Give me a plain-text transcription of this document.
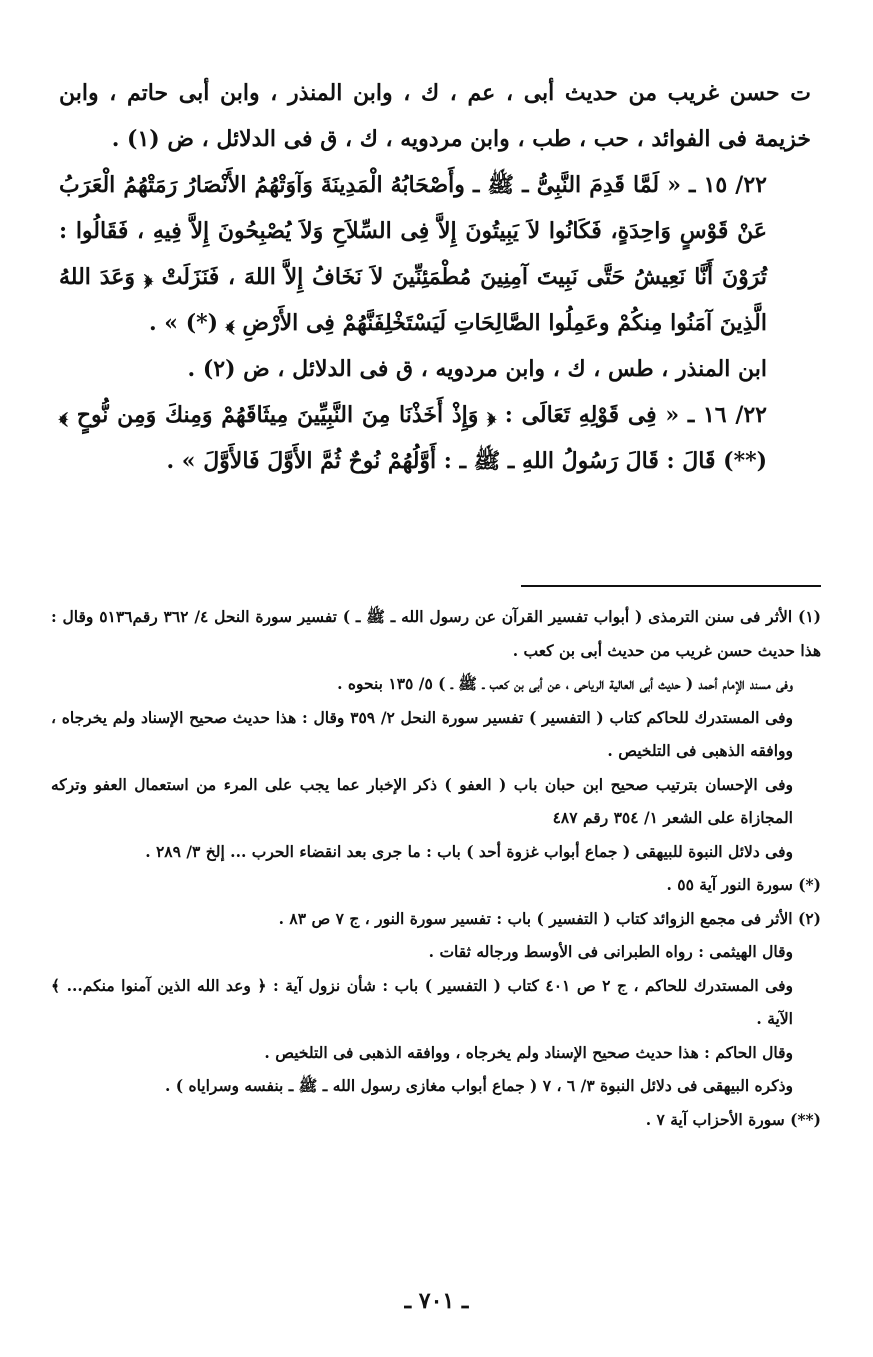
ت حسن غريب من حديث أبى ، عم ، ك ، وابن المنذر ، وابن أبى حاتم ، وابن خزيمة فى الفوائد ، حب ، طب ، وابن مردويه ، ك ، ق فى الدلائل ، ض (١) .

٢٢/ ١٥ ـ « لَمَّا قَدِمَ النَّبِىُّ ـ ﷺ ـ وأَصْحَابُهُ الْمَدِينَةَ وَآوَتْهُمُ الأَنْصَارُ رَمَتْهُمُ الْعَرَبُ عَنْ قَوْسٍ وَاحِدَةٍ، فَكَانُوا لاَ يَبِيتُونَ إِلاَّ فِى السِّلاَحِ وَلاَ يُصْبِحُونَ إِلاَّ فِيهِ ، فَقَالُوا : تُرَوْنَ أَنَّا نَعِيشُ حَتَّى نَبِيتَ آمِنِينَ مُطْمَئِنِّينَ لاَ نَخَافُ إِلاَّ اللهَ ، فَنَزَلَتْ ﴿ وَعَدَ اللهُ الَّذِينَ آمَنُوا مِنكُمْ وعَمِلُوا الصَّالِحَاتِ لَيَسْتَخْلِفَنَّهُمْ فِى الأَرْضِ ﴾ (*) » .

ابن المنذر ، طس ، ك ، وابن مردويه ، ق فى الدلائل ، ض (٢) .

٢٢/ ١٦ ـ « فِى قَوْلِهِ تَعَالَى : ﴿ وَإِذْ أَخَذْنَا مِنَ النَّبِيِّينَ مِيثَاقَهُمْ وَمِنكَ وَمِن نُّوحٍ ﴾ (**) قَالَ : قَالَ رَسُولُ اللهِ ـ ﷺ ـ : أَوَّلُهُمْ نُوحٌ ثُمَّ الأَوَّلَ فَالأَوَّلَ » .

(١) الأثر فى سنن الترمذى ( أبواب تفسير القرآن عن رسول الله ـ ﷺ ـ ) تفسير سورة النحل ٤/ ٣٦٢ رقم٥١٣٦ وقال : هذا حديث حسن غريب من حديث أبى بن كعب .

وفى مسند الإمام أحمد ( حديث أبى العالية الرياحى ، عن أبى بن كعب ـ ﷺ ـ ) ٥/ ١٣٥ بنحوه .

وفى المستدرك للحاكم كتاب ( التفسير ) تفسير سورة النحل ٢/ ٣٥٩ وقال : هذا حديث صحيح الإسناد ولم يخرجاه ، ووافقه الذهبى فى التلخيص .

وفى الإحسان بترتيب صحيح ابن حبان باب ( العفو ) ذكر الإخبار عما يجب على المرء من استعمال العفو وتركه المجازاة على الشعر ١/ ٣٥٤ رقم ٤٨٧

وفى دلائل النبوة للبيهقى ( جماع أبواب غزوة أحد ) باب : ما جرى بعد انقضاء الحرب ... إلخ ٣/ ٢٨٩ .

(*) سورة النور آية ٥٥ .

(٢) الأثر فى مجمع الزوائد كتاب ( التفسير ) باب : تفسير سورة النور ، ج ٧ ص ٨٣ .

وقال الهيثمى : رواه الطبرانى فى الأوسط ورجاله ثقات .

وفى المستدرك للحاكم ، ج ٢ ص ٤٠١ كتاب ( التفسير ) باب : شأن نزول آية : ﴿ وعد الله الذين آمنوا منكم... ﴾ الآية .

وقال الحاكم : هذا حديث صحيح الإسناد ولم يخرجاه ، ووافقه الذهبى فى التلخيص .

وذكره البيهقى فى دلائل النبوة ٣/ ٦ ، ٧ ( جماع أبواب مغازى رسول الله ـ ﷺ ـ بنفسه وسراياه ) .

(**) سورة الأحزاب آية ٧ .

ـ ٧٠١ ـ
